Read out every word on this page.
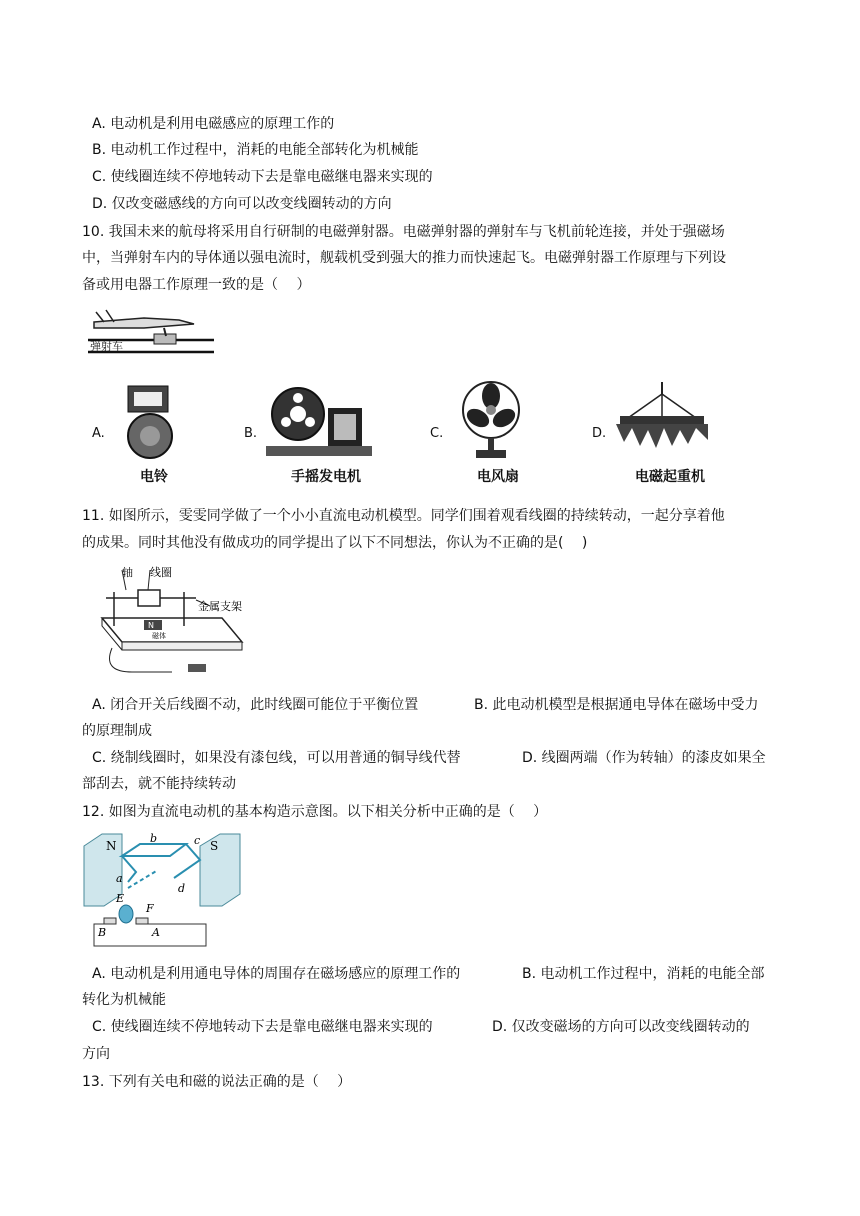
A. 电动机是利用电磁感应的原理工作的
B. 电动机工作过程中，消耗的电能全部转化为机械能
C. 使线圈连续不停地转动下去是靠电磁继电器来实现的
D. 仅改变磁感线的方向可以改变线圈转动的方向
10. 我国未来的航母将采用自行研制的电磁弹射器。电磁弹射器的弹射车与飞机前轮连接，并处于强磁场
中，当弹射车内的导体通以强电流时，舰载机受到强大的推力而快速起飞。电磁弹射器工作原理与下列设
备或用电器工作原理一致的是（　 ）
弹射车
A.
电铃
B.
手摇发电机
C.
电风扇
D.
电磁起重机
11. 如图所示，雯雯同学做了一个小小直流电动机模型。同学们围着观看线圈的持续转动，一起分享着他
的成果。同时其他没有做成功的同学提出了以下不同想法，你认为不正确的是(　 )
轴 线圈
金属支架
N
磁体
A. 闭合开关后线圈不动，此时线圈可能位于平衡位置	B. 此电动机模型是根据通电导体在磁场中受力
的原理制成
C. 绕制线圈时，如果没有漆包线，可以用普通的铜导线代替	D. 线圈两端（作为转轴）的漆皮如果全
部刮去，就不能持续转动
12. 如图为直流电动机的基本构造示意图。以下相关分析中正确的是（　 ）
N	S
a
b	c
d
E
F
B	A
A. 电动机是利用通电导体的周围存在磁场感应的原理工作的	B. 电动机工作过程中，消耗的电能全部
转化为机械能
C. 使线圈连续不停地转动下去是靠电磁继电器来实现的	D. 仅改变磁场的方向可以改变线圈转动的
方向
13. 下列有关电和磁的说法正确的是（　 ）
